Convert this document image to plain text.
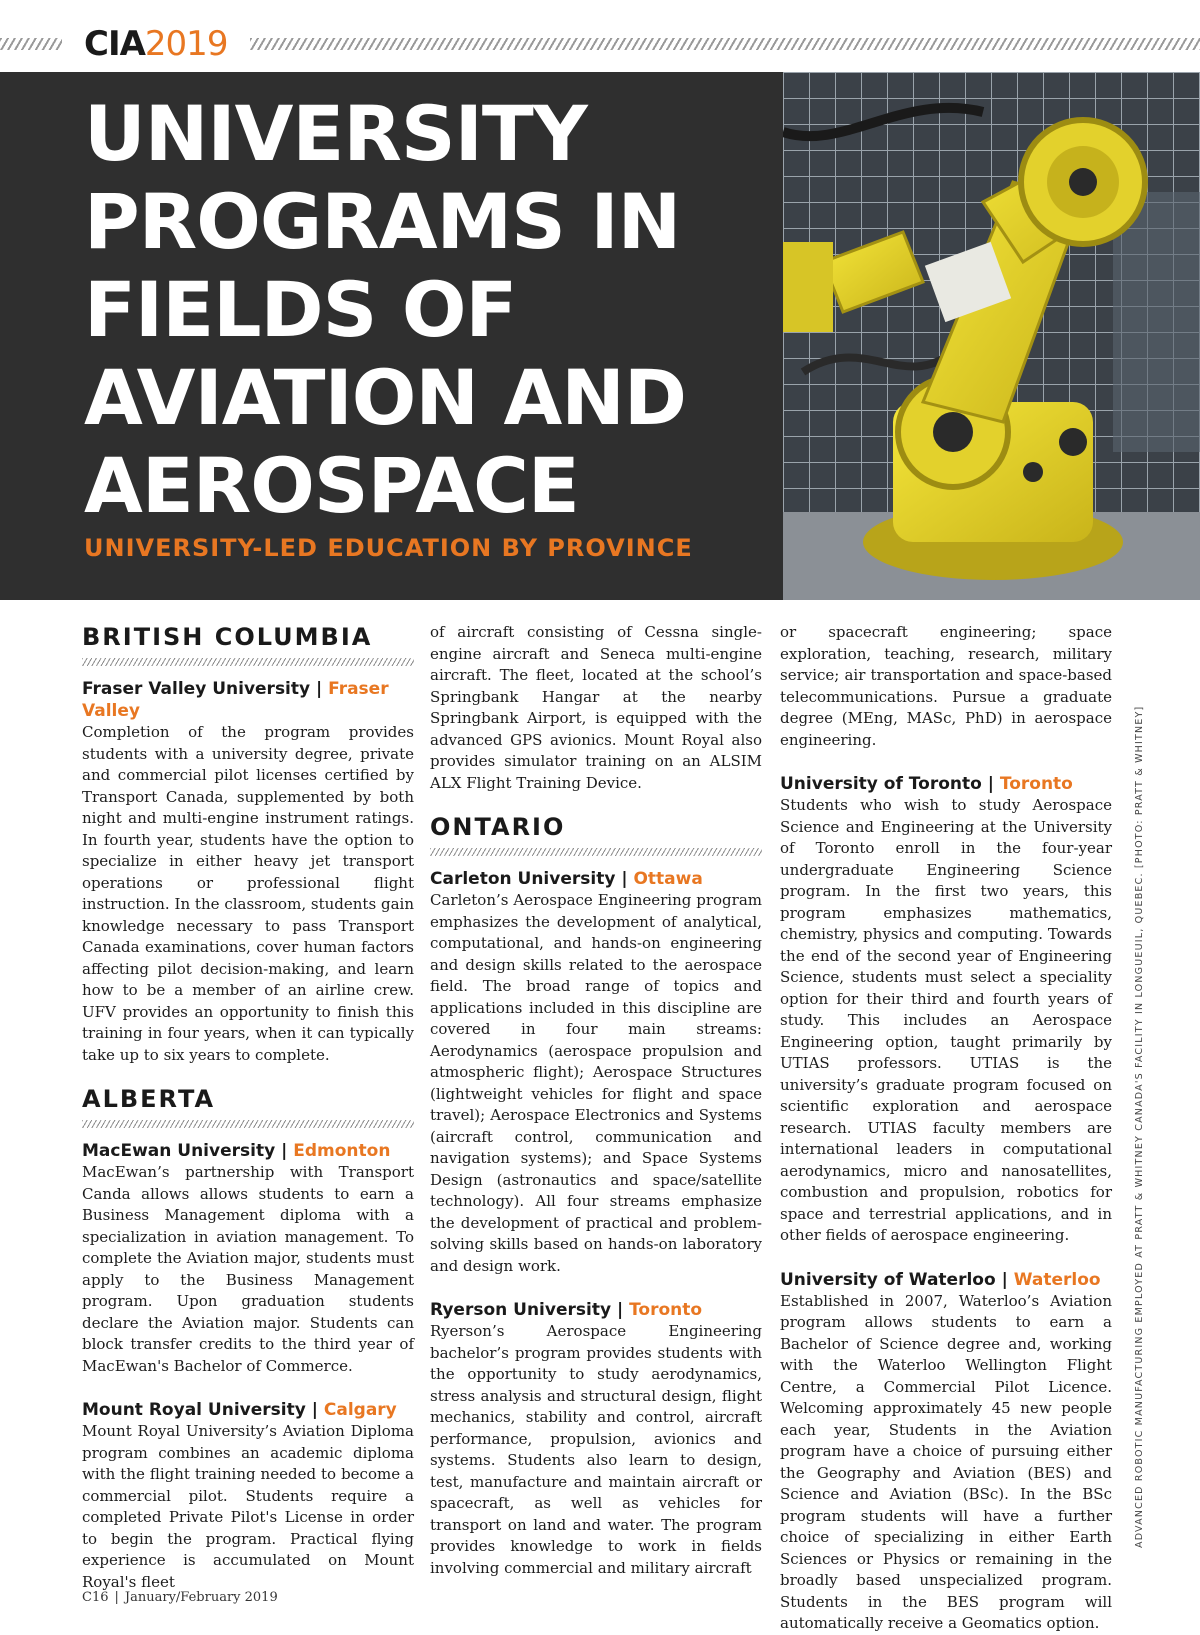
CIA2019
UNIVERSITY PROGRAMS IN FIELDS OF AVIATION AND AEROSPACE

UNIVERSITY-LED EDUCATION BY PROVINCE

BRITISH COLUMBIA
Fraser Valley University | Fraser Valley

Completion of the program provides students with a university degree, private and commercial pilot licenses certified by Transport Canada, supplemented by both night and multi-engine instrument ratings. In fourth year, students have the option to specialize in either heavy jet transport operations or professional flight instruction. In the classroom, students gain knowledge necessary to pass Transport Canada examinations, cover human factors affecting pilot decision-making, and learn how to be a member of an airline crew. UFV provides an opportunity to finish this training in four years, when it can typically take up to six years to complete.

ALBERTA
MacEwan University | Edmonton

MacEwan’s partnership with Transport Canda allows allows students to earn a Business Management diploma with a specialization in aviation management. To complete the Aviation major, students must apply to the Business Management program. Upon graduation students declare the Aviation major. Students can block transfer credits to the third year of MacEwan's Bachelor of Commerce.

Mount Royal University | Calgary

Mount Royal University’s Aviation Diploma program combines an academic diploma with the flight training needed to become a commercial pilot. Students require a completed Private Pilot's License in order to begin the program. Practical flying experience is accumulated on Mount Royal's fleet

of aircraft consisting of Cessna single-engine aircraft and Seneca multi-engine aircraft. The fleet, located at the school’s Springbank Hangar at the nearby Springbank Airport, is equipped with the advanced GPS avionics. Mount Royal also provides simulator training on an ALSIM ALX Flight Training Device.

ONTARIO
Carleton University | Ottawa

Carleton’s Aerospace Engineering program emphasizes the development of analytical, computational, and hands-on engineering and design skills related to the aerospace field. The broad range of topics and applications included in this discipline are covered in four main streams: Aerodynamics (aerospace propulsion and atmospheric flight); Aerospace Structures (lightweight vehicles for flight and space travel); Aerospace Electronics and Systems (aircraft control, communication and navigation systems); and Space Systems Design (astronautics and space/satellite technology). All four streams emphasize the development of practical and problem-solving skills based on hands-on laboratory and design work.

Ryerson University | Toronto

Ryerson’s Aerospace Engineering bachelor’s program provides students with the opportunity to study aerodynamics, stress analysis and structural design, flight mechanics, stability and control, aircraft performance, propulsion, avionics and systems. Students also learn to design, test, manufacture and maintain aircraft or spacecraft, as well as vehicles for transport on land and water. The program provides knowledge to work in fields involving commercial and military aircraft

or spacecraft engineering; space exploration, teaching, research, military service; air transportation and space-based telecommunications. Pursue a graduate degree (MEng, MASc, PhD) in aerospace engineering.

University of Toronto | Toronto

Students who wish to study Aerospace Science and Engineering at the University of Toronto enroll in the four-year undergraduate Engineering Science program. In the first two years, this program emphasizes mathematics, chemistry, physics and computing. Towards the end of the second year of Engineering Science, students must select a speciality option for their third and fourth years of study. This includes an Aerospace Engineering option, taught primarily by UTIAS professors. UTIAS is the university’s graduate program focused on scientific exploration and aerospace research. UTIAS faculty members are international leaders in computational aerodynamics, micro and nanosatellites, combustion and propulsion, robotics for space and terrestrial applications, and in other fields of aerospace engineering.

University of Waterloo | Waterloo

Established in 2007, Waterloo’s Aviation program allows students to earn a Bachelor of Science degree and, working with the Waterloo Wellington Flight Centre, a Commercial Pilot Licence. Welcoming approximately 45 new people each year, Students in the Aviation program have a choice of pursuing either the Geography and Aviation (BES) and Science and Aviation (BSc). In the BSc program students will have a further choice of specializing in either Earth Sciences or Physics or remaining in the broadly based unspecialized program. Students in the BES program will automatically receive a Geomatics option.

ADVANCED ROBOTIC MANUFACTURING EMPLOYED AT PRATT & WHITNEY CANADA'S FACILITY IN LONGUEUIL, QUEBEC. [PHOTO: PRATT & WHITNEY]
C16 | January/February 2019
